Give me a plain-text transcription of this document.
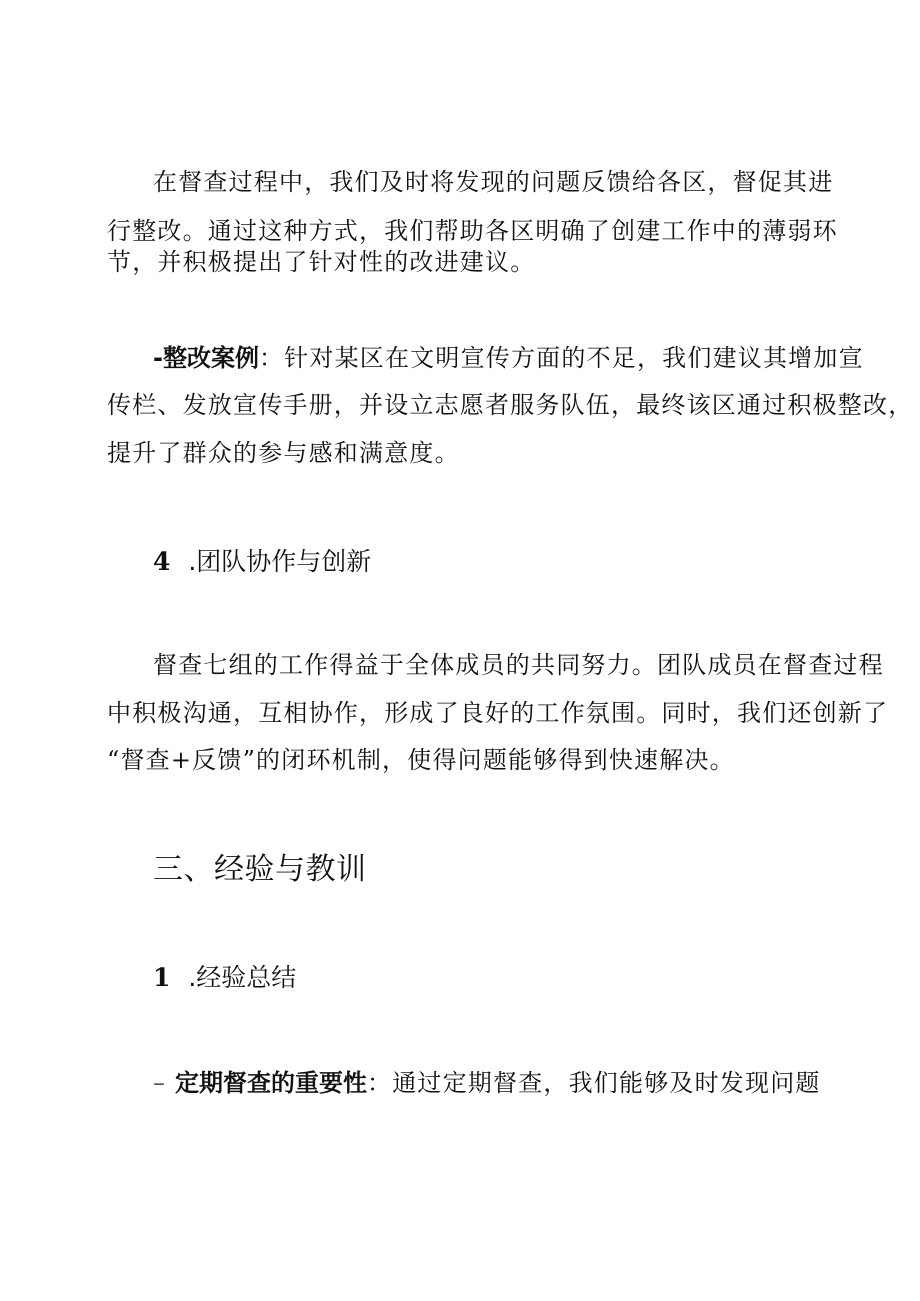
在督查过程中，我们及时将发现的问题反馈给各区，督促其进
行整改。通过这种方式，我们帮助各区明确了创建工作中的薄弱环
节，并积极提出了针对性的改进建议。
-整改案例：针对某区在文明宣传方面的不足，我们建议其增加宣
传栏、发放宣传手册，并设立志愿者服务队伍，最终该区通过积极整改，
提升了群众的参与感和满意度。
4 .团队协作与创新
督查七组的工作得益于全体成员的共同努力。团队成员在督查过程
中积极沟通，互相协作，形成了良好的工作氛围。同时，我们还创新了
“督查+反馈”的闭环机制，使得问题能够得到快速解决。
三、经验与教训
1 .经验总结
– 定期督查的重要性：通过定期督查，我们能够及时发现问题
